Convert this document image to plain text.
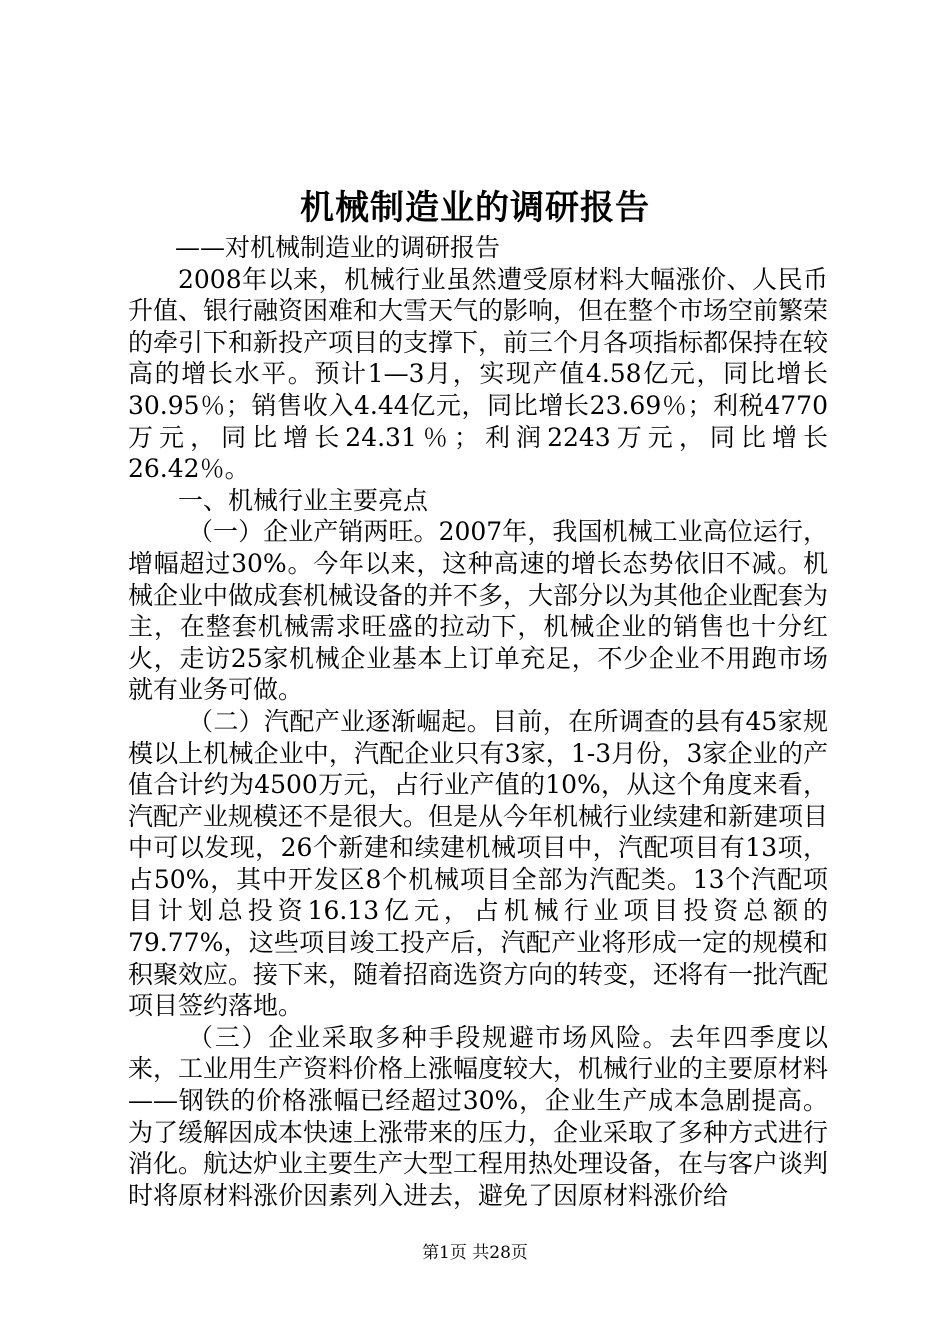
机械制造业的调研报告

——对机械制造业的调研报告

2008年以来，机械行业虽然遭受原材料大幅涨价、人民币升值、银行融资困难和大雪天气的影响，但在整个市场空前繁荣的牵引下和新投产项目的支撑下，前三个月各项指标都保持在较高的增长水平。预计1—3月，实现产值4.58亿元，同比增长30.95％；销售收入4.44亿元，同比增长23.69％；利税4770万元，同比增长24.31％；利润2243万元，同比增长26.42％。

一、机械行业主要亮点

（一）企业产销两旺。2007年，我国机械工业高位运行，增幅超过30%。今年以来，这种高速的增长态势依旧不减。机械企业中做成套机械设备的并不多，大部分以为其他企业配套为主，在整套机械需求旺盛的拉动下，机械企业的销售也十分红火，走访25家机械企业基本上订单充足，不少企业不用跑市场就有业务可做。

（二）汽配产业逐渐崛起。目前，在所调查的县有45家规模以上机械企业中，汽配企业只有3家，1-3月份，3家企业的产值合计约为4500万元，占行业产值的10%，从这个角度来看，汽配产业规模还不是很大。但是从今年机械行业续建和新建项目中可以发现，26个新建和续建机械项目中，汽配项目有13项，占50%，其中开发区8个机械项目全部为汽配类。13个汽配项目计划总投资16.13亿元，占机械行业项目投资总额的79.77%，这些项目竣工投产后，汽配产业将形成一定的规模和积聚效应。接下来，随着招商选资方向的转变，还将有一批汽配项目签约落地。

（三）企业采取多种手段规避市场风险。去年四季度以来，工业用生产资料价格上涨幅度较大，机械行业的主要原材料——钢铁的价格涨幅已经超过30%，企业生产成本急剧提高。为了缓解因成本快速上涨带来的压力，企业采取了多种方式进行消化。航达炉业主要生产大型工程用热处理设备，在与客户谈判时将原材料涨价因素列入进去，避免了因原材料涨价给

第1页 共28页
